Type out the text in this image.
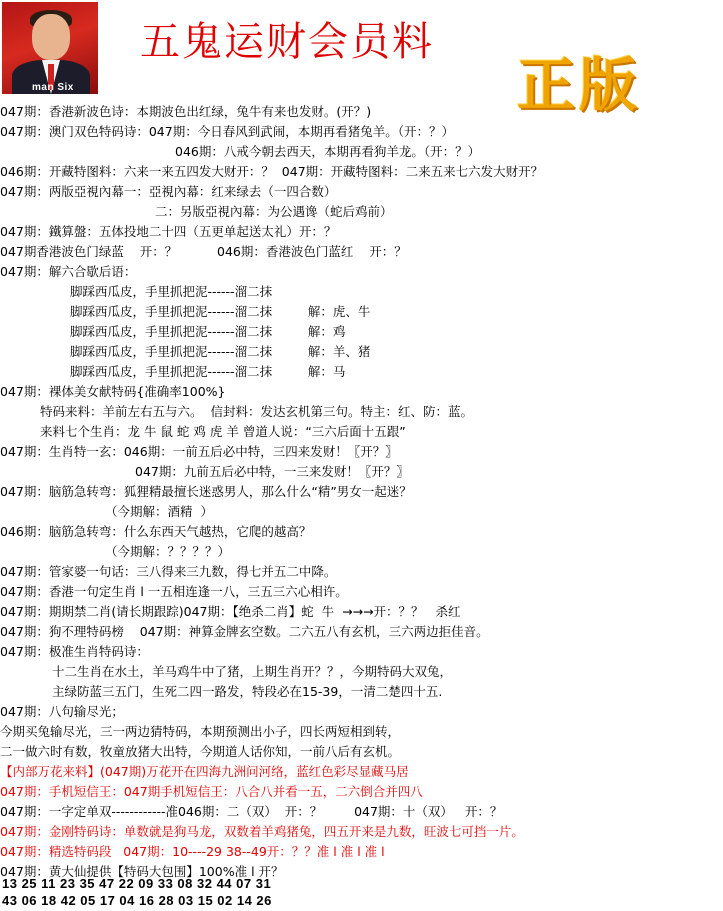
man Six
五鬼运财会员料
正版
047期：香港新波色诗：本期波色出红绿，兔牛有来也发财。(开？)
047期：澳门双色特码诗：047期：今日春风到武闹，本期再看猪兔羊。（开：？）
046期：八戒今朝去西天，本期再看狗羊龙。（开：？）
046期：开藏特图料：六来一来五四发大财开：？  047期：开藏特图料：二来五来七六发大财开？
047期：两版亞視內幕一：亞視內幕：红来绿去（一四合数）
二：另版亞視內幕：为公遇谗（蛇后鸡前）
047期：鐵算盤：五体投地二十四（五更单起送太礼）开：？
047期香港波色门绿蓝    开：？          046期：香港波色门蓝红    开：？
047期：解六合歇后语：
脚踩西瓜皮，手里抓把泥------溜二抹
脚踩西瓜皮，手里抓把泥------溜二抹         解：虎、牛
脚踩西瓜皮，手里抓把泥------溜二抹         解：鸡
脚踩西瓜皮，手里抓把泥------溜二抹         解：羊、猪
脚踩西瓜皮，手里抓把泥------溜二抹         解：马
047期：裸体美女献特码{准确率100%}
特码来料：羊前左右五与六。  信封料：发达玄机第三句。特主：红、防：蓝。
来料七个生肖：龙 牛 鼠 蛇 鸡 虎 羊 曾道人说：“三六后面十五跟”
047期：生肖特一玄：046期：一前五后必中特，三四来发财！〖开？〗
047期：九前五后必中特，一三来发财！〖开？〗
047期：脑筋急转弯：狐狸精最擅长迷惑男人，那么什么“精”男女一起迷？
（今期解：酒精  ）
046期：脑筋急转弯：什么东西天气越热，它爬的越高？
（今期解：？？？？）
047期：管家婆一句话：三八得来三九数，得七并五二中降。
047期：香港一句定生肖 l 一五相连逢一八，三五三六心相许。
047期：期期禁二肖(请长期跟踪)047期：【绝杀二肖】蛇  牛  →→→开：？？   杀红
047期：狗不理特码榜    047期：神算金牌玄空数。二六五八有玄机，三六两边拒佳音。
047期：极准生肖特码诗：
十二生肖在水土，羊马鸡牛中了猪，上期生肖开？？，今期特码大双兔，
主绿防蓝三五门，生死二四一路发，特段必在15-39，一清二楚四十五.
047期：八句输尽光；
今期买兔输尽光，三一两边猜特码，本期预测出小子，四长两短相到转，
二一做六时有数，牧童放猪大出特，今期道人话你知，一前八后有玄机。
【内部万花来料】(047期)万花开在四海九洲问河络，蓝红色彩尽显藏马居
047期：手机短信王：047期手机短信王：八合八并看一五，二六倒合并四八
047期：一字定单双------------准046期：二（双）  开：？        047期：十（双）   开：？
047期：金刚特码诗：单数就是狗马龙，双数着羊鸡猪兔，四五开来是九数，旺波七可挡一片。
047期：精选特码段   047期：10----29 38--49开：？？准 l 准 l 准 l
047期：黄大仙提供【特码大包围】100%准 l 开？
13 25 11 23 35 47 22 09 33 08 32 44 07 31
43 06 18 42 05 17 04 16 28 03 15 02 14 26
